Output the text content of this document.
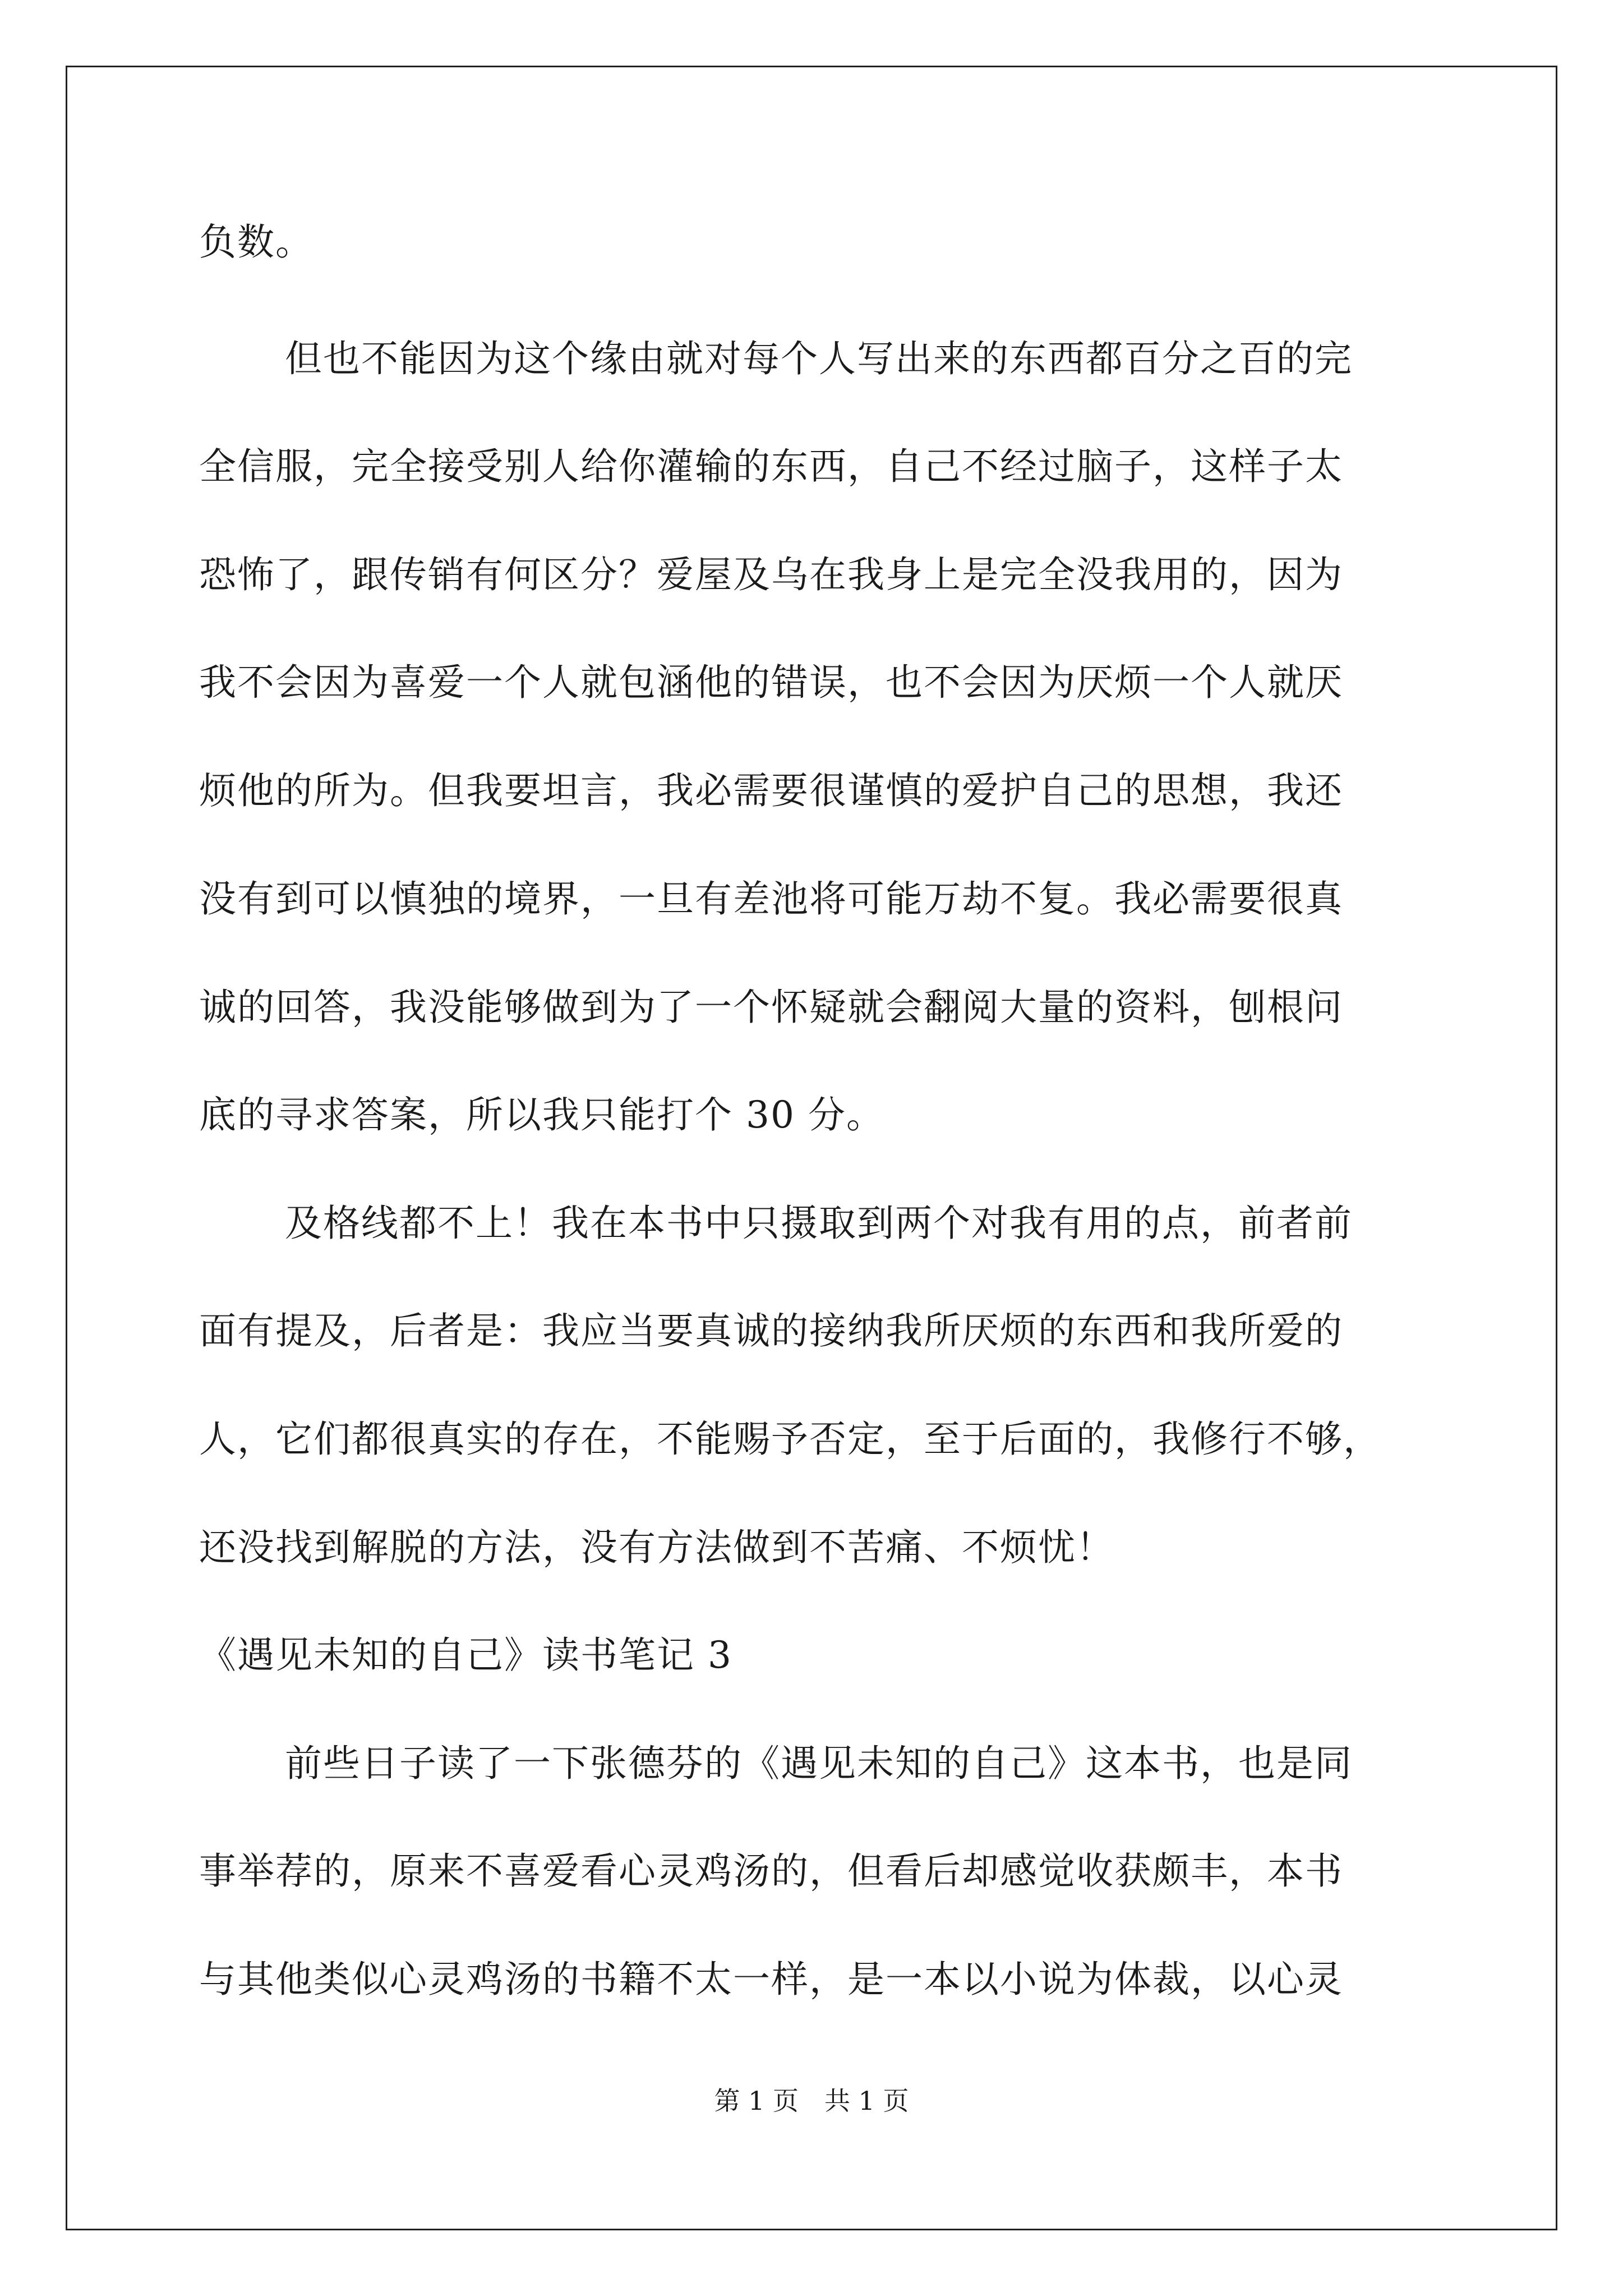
负数。
但也不能因为这个缘由就对每个人写出来的东西都百分之百的完
全信服，完全接受别人给你灌输的东西，自己不经过脑子，这样子太
恐怖了，跟传销有何区分？爱屋及乌在我身上是完全没我用的，因为
我不会因为喜爱一个人就包涵他的错误，也不会因为厌烦一个人就厌
烦他的所为。但我要坦言，我必需要很谨慎的爱护自己的思想，我还
没有到可以慎独的境界，一旦有差池将可能万劫不复。我必需要很真
诚的回答，我没能够做到为了一个怀疑就会翻阅大量的资料，刨根问
底的寻求答案，所以我只能打个 30 分。
及格线都不上！我在本书中只摄取到两个对我有用的点，前者前
面有提及，后者是：我应当要真诚的接纳我所厌烦的东西和我所爱的
人，它们都很真实的存在，不能赐予否定，至于后面的，我修行不够，
还没找到解脱的方法，没有方法做到不苦痛、不烦忧！
《遇见未知的自己》读书笔记 3
前些日子读了一下张德芬的《遇见未知的自己》这本书，也是同
事举荐的，原来不喜爱看心灵鸡汤的，但看后却感觉收获颇丰，本书
与其他类似心灵鸡汤的书籍不太一样，是一本以小说为体裁，以心灵
第 1 页　共 1 页
